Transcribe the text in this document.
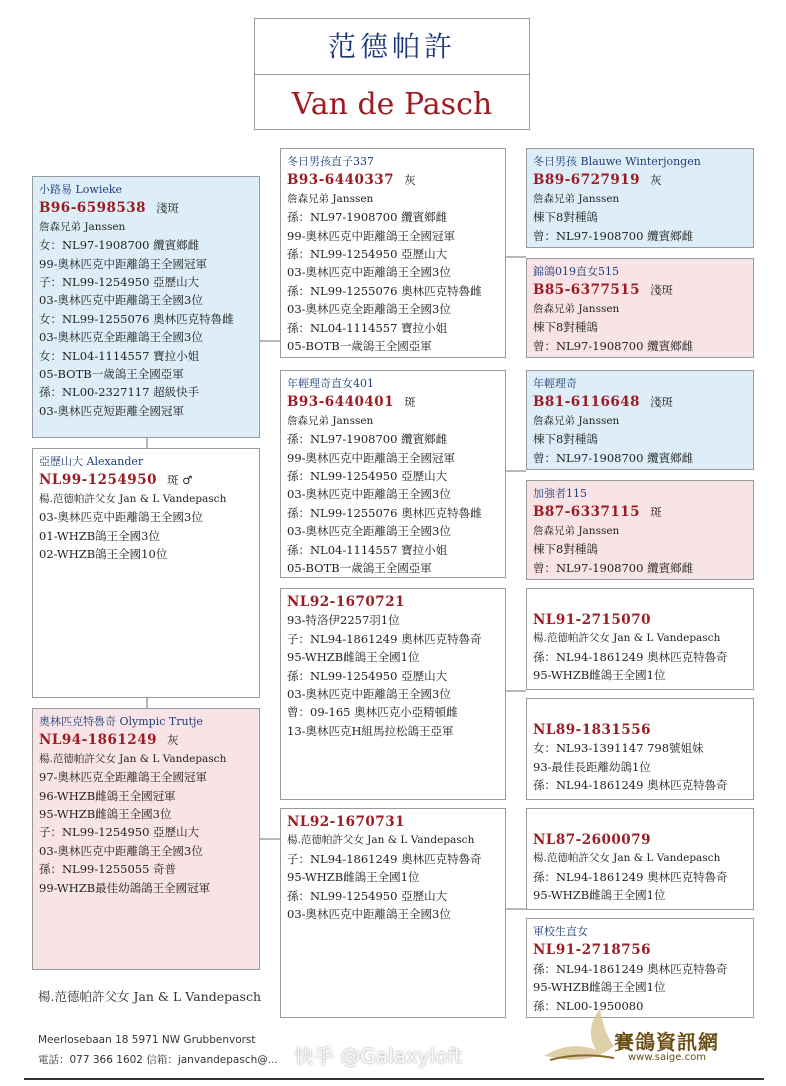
范德帕許
Van de Pasch
小路易 Lowieke
B96-6598538 淺斑
詹森兄弟 Janssen
女：NL97-1908700 纜賓鄉雌
99-奧林匹克中距離鴿王全國冠軍
子：NL99-1254950 亞歷山大
03-奧林匹克中距離鴿王全國3位
女：NL99-1255076 奧林匹克特魯雌
03-奧林匹克全距離鴿王全國3位
女：NL04-1114557 寶拉小姐
05-BOTB一歲鴿王全國亞軍
孫：NL00-2327117 超級快手
03-奧林匹克短距離全國冠軍
亞歷山大 Alexander
NL99-1254950 斑 ♂
楊.范德帕許父女 Jan & L Vandepasch
03-奧林匹克中距離鴿王全國3位
01-WHZB鴿王全國3位
02-WHZB鴿王全國10位
奧林匹克特魯奇 Olympic Trutje
NL94-1861249 灰
楊.范德帕許父女 Jan & L Vandepasch
97-奧林匹克全距離鴿王全國冠軍
96-WHZB雌鴿王全國冠軍
95-WHZB雌鴿王全國3位
子：NL99-1254950 亞歷山大
03-奧林匹克中距離鴿王全國3位
孫：NL99-1255055 奇普
99-WHZB最佳幼鴿鴿王全國冠軍
冬日男孩直子337
B93-6440337 灰
詹森兄弟 Janssen
孫：NL97-1908700 纜賓鄉雌
99-奧林匹克中距離鴿王全國冠軍
孫：NL99-1254950 亞歷山大
03-奧林匹克中距離鴿王全國3位
孫：NL99-1255076 奧林匹克特魯雌
03-奧林匹克全距離鴿王全國3位
孫：NL04-1114557 寶拉小姐
05-BOTB一歲鴿王全國亞軍
年輕理奇直女401
B93-6440401 斑
詹森兄弟 Janssen
孫：NL97-1908700 纜賓鄉雌
99-奧林匹克中距離鴿王全國冠軍
孫：NL99-1254950 亞歷山大
03-奧林匹克中距離鴿王全國3位
孫：NL99-1255076 奧林匹克特魯雌
03-奧林匹克全距離鴿王全國3位
孫：NL04-1114557 寶拉小姐
05-BOTB一歲鴿王全國亞軍
NL92-1670721
93-特洛伊2257羽1位
子：NL94-1861249 奧林匹克特魯奇
95-WHZB雌鴿王全國1位
孫：NL99-1254950 亞歷山大
03-奧林匹克中距離鴿王全國3位
曾：09-165 奧林匹克小亞精頓雌
13-奧林匹克H組馬拉松鴿王亞軍
NL92-1670731
楊.范德帕許父女 Jan & L Vandepasch
子：NL94-1861249 奧林匹克特魯奇
95-WHZB雌鴿王全國1位
孫：NL99-1254950 亞歷山大
03-奧林匹克中距離鴿王全國3位
冬日男孩 Blauwe Winterjongen
B89-6727919 灰
詹森兄弟 Janssen
棟下8對種鴿
曾：NL97-1908700 纜賓鄉雌
錦鴿019直女515
B85-6377515 淺斑
詹森兄弟 Janssen
棟下8對種鴿
曾：NL97-1908700 纜賓鄉雌
年輕理奇
B81-6116648 淺斑
詹森兄弟 Janssen
棟下8對種鴿
曾：NL97-1908700 纜賓鄉雌
加強者115
B87-6337115 斑
詹森兄弟 Janssen
棟下8對種鴿
曾：NL97-1908700 纜賓鄉雌
NL91-2715070
楊.范德帕許父女 Jan & L Vandepasch
孫：NL94-1861249 奧林匹克特魯奇
95-WHZB雌鴿王全國1位
NL89-1831556
女：NL93-1391147 798號姐妹
93-最佳長距離幼鴿1位
孫：NL94-1861249 奧林匹克特魯奇
NL87-2600079
楊.范德帕許父女 Jan & L Vandepasch
孫：NL94-1861249 奧林匹克特魯奇
95-WHZB雌鴿王全國1位
軍校生直女
NL91-2718756
孫：NL94-1861249 奧林匹克特魯奇
95-WHZB雌鴿王全國1位
孫：NL00-1950080
楊.范德帕許父女 Jan & L Vandepasch
Meerlosebaan 18 5971 NW Grubbenvorst
電話：077 366 1602 信箱：janvandepasch@... 快手 @Galaxyloft
賽鴿資訊網
www.saige.com
